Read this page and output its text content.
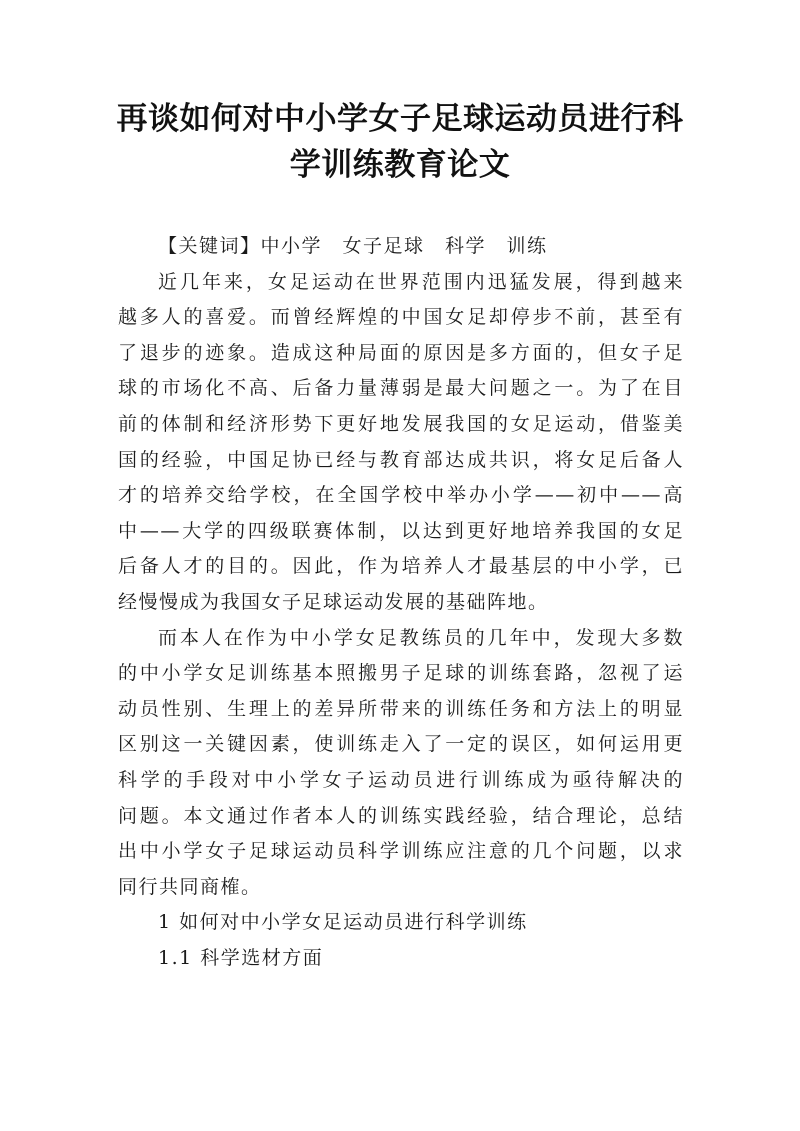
再谈如何对中小学女子足球运动员进行科
学训练教育论文
【关键词】中小学　女子足球　科学　训练
近几年来，女足运动在世界范围内迅猛发展，得到越来
越多人的喜爱。而曾经辉煌的中国女足却停步不前，甚至有
了退步的迹象。造成这种局面的原因是多方面的，但女子足
球的市场化不高、后备力量薄弱是最大问题之一。为了在目
前的体制和经济形势下更好地发展我国的女足运动，借鉴美
国的经验，中国足协已经与教育部达成共识，将女足后备人
才的培养交给学校，在全国学校中举办小学——初中——高
中——大学的四级联赛体制，以达到更好地培养我国的女足
后备人才的目的。因此，作为培养人才最基层的中小学，已
经慢慢成为我国女子足球运动发展的基础阵地。
而本人在作为中小学女足教练员的几年中，发现大多数
的中小学女足训练基本照搬男子足球的训练套路，忽视了运
动员性别、生理上的差异所带来的训练任务和方法上的明显
区别这一关键因素，使训练走入了一定的误区，如何运用更
科学的手段对中小学女子运动员进行训练成为亟待解决的
问题。本文通过作者本人的训练实践经验，结合理论，总结
出中小学女子足球运动员科学训练应注意的几个问题，以求
同行共同商榷。
1 如何对中小学女足运动员进行科学训练
1.1 科学选材方面
